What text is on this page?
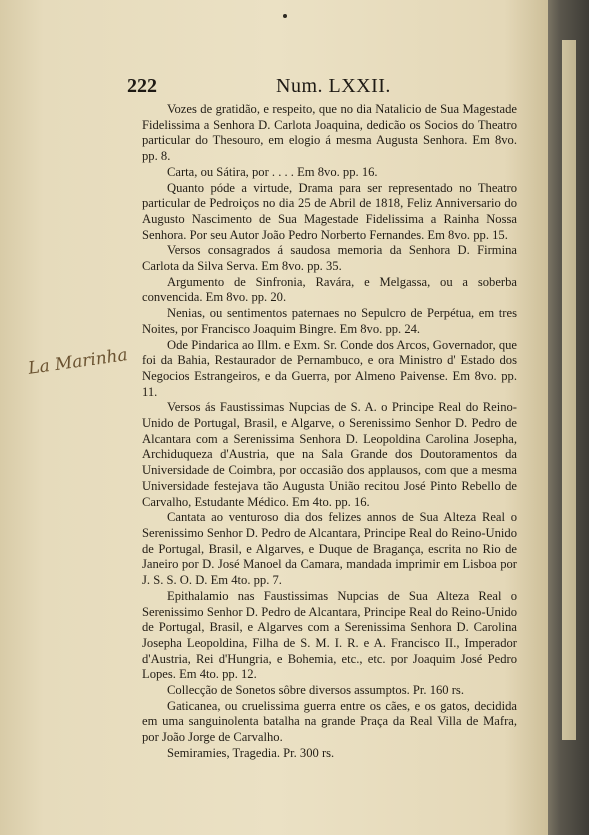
222	Num. LXXII.
La Marinha

Vozes de gratidão, e respeito, que no dia Natalicio de Sua Magestade Fidelissima a Senhora D. Carlota Joaquina, dedicão os Socios do Theatro particular do Thesouro, em elogio á mesma Augusta Senhora. Em 8vo. pp. 8.

Carta, ou Sátira, por . . . . Em 8vo. pp. 16.

Quanto póde a virtude, Drama para ser representado no Theatro particular de Pedroiços no dia 25 de Abril de 1818, Feliz Anniversario do Augusto Nascimento de Sua Magestade Fidelissima a Rainha Nossa Senhora. Por seu Autor João Pedro Norberto Fernandes. Em 8vo. pp. 15.

Versos consagrados á saudosa memoria da Senhora D. Firmina Carlota da Silva Serva. Em 8vo. pp. 35.

Argumento de Sinfronia, Ravára, e Melgassa, ou a soberba convencida. Em 8vo. pp. 20.

Nenias, ou sentimentos paternaes no Sepulcro de Perpétua, em tres Noites, por Francisco Joaquim Bingre. Em 8vo. pp. 24.

Ode Pindarica ao Illm. e Exm. Sr. Conde dos Arcos, Governador, que foi da Bahia, Restaurador de Pernambuco, e ora Ministro d' Estado dos Negocios Estrangeiros, e da Guerra, por Almeno Paivense. Em 8vo. pp. 11.

Versos ás Faustissimas Nupcias de S. A. o Principe Real do Reino-Unido de Portugal, Brasil, e Algarve, o Serenissimo Senhor D. Pedro de Alcantara com a Serenissima Senhora D. Leopoldina Carolina Josepha, Archiduqueza d'Austria, que na Sala Grande dos Doutoramentos da Universidade de Coimbra, por occasião dos applausos, com que a mesma Universidade festejava tão Augusta União recitou José Pinto Rebello de Carvalho, Estudante Médico. Em 4to. pp. 16.

Cantata ao venturoso dia dos felizes annos de Sua Alteza Real o Serenissimo Senhor D. Pedro de Alcantara, Principe Real do Reino-Unido de Portugal, Brasil, e Algarves, e Duque de Bragança, escrita no Rio de Janeiro por D. José Manoel da Camara, mandada imprimir em Lisboa por J. S. S. O. D. Em 4to. pp. 7.

Epithalamio nas Faustissimas Nupcias de Sua Alteza Real o Serenissimo Senhor D. Pedro de Alcantara, Principe Real do Reino-Unido de Portugal, Brasil, e Algarves com a Serenissima Senhora D. Carolina Josepha Leopoldina, Filha de S. M. I. R. e A. Francisco II., Imperador d'Austria, Rei d'Hungria, e Bohemia, etc., etc. por Joaquim José Pedro Lopes. Em 4to. pp. 12.

Collecção de Sonetos sôbre diversos assumptos. Pr. 160 rs.

Gaticanea, ou cruelissima guerra entre os cães, e os gatos, decidida em uma sanguinolenta batalha na grande Praça da Real Villa de Mafra, por João Jorge de Carvalho.

Semiramies, Tragedia. Pr. 300 rs.
